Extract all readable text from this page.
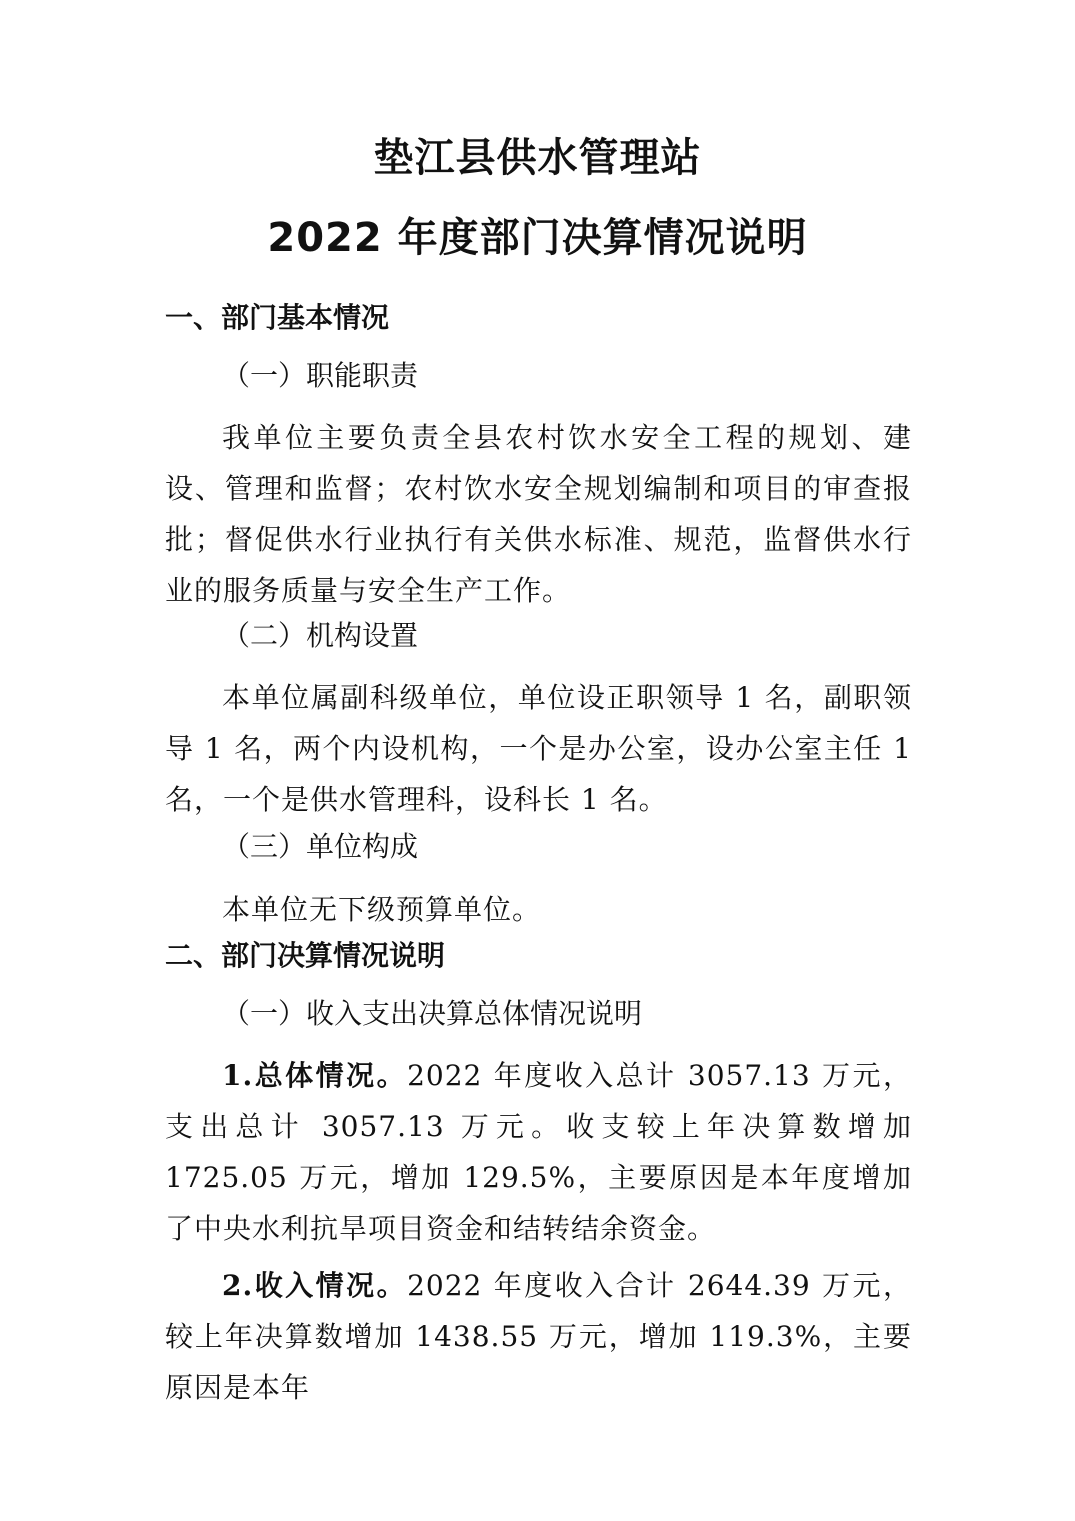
垫江县供水管理站
2022 年度部门决算情况说明
一、部门基本情况
（一）职能职责

我单位主要负责全县农村饮水安全工程的规划、建设、管理和监督；农村饮水安全规划编制和项目的审查报批；督促供水行业执行有关供水标准、规范，监督供水行业的服务质量与安全生产工作。

（二）机构设置

本单位属副科级单位，单位设正职领导 1 名，副职领导 1 名，两个内设机构，一个是办公室，设办公室主任 1 名，一个是供水管理科，设科长 1 名。

（三）单位构成

本单位无下级预算单位。

二、部门决算情况说明
（一）收入支出决算总体情况说明

1.总体情况。2022 年度收入总计 3057.13 万元，支出总计 3057.13 万元。收支较上年决算数增加 1725.05 万元，增加 129.5%，主要原因是本年度增加了中央水利抗旱项目资金和结转结余资金。

2.收入情况。2022 年度收入合计 2644.39 万元，较上年决算数增加 1438.55 万元，增加 119.3%，主要原因是本年
